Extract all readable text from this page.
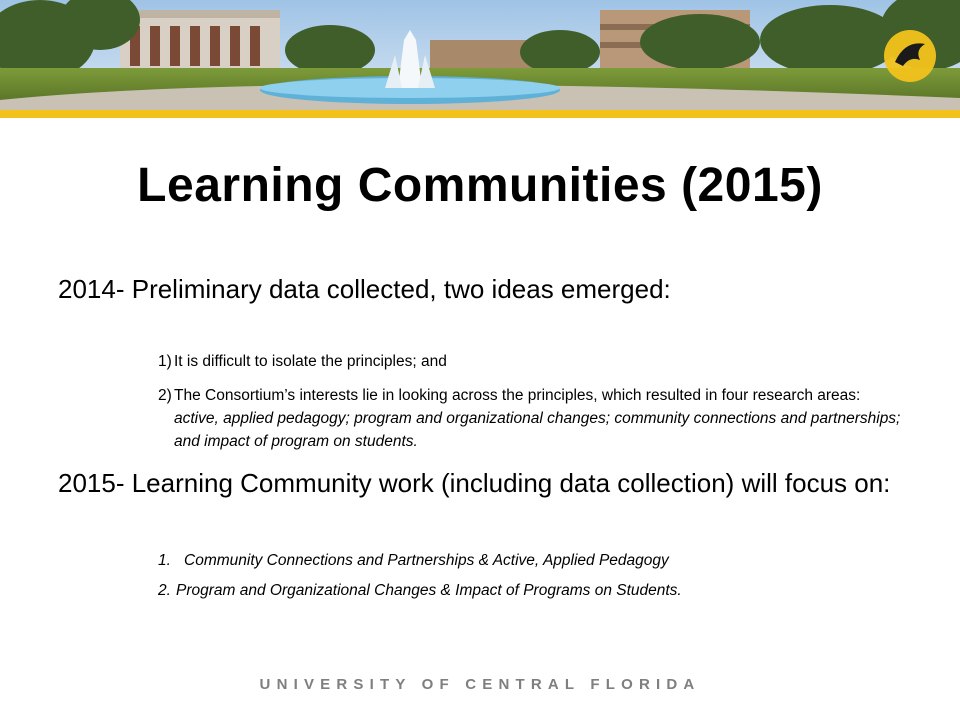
Learning Communities (2015)
2014- Preliminary data collected, two ideas emerged:
1) It is difficult to isolate the principles; and
2) The Consortium’s interests lie in looking across the principles, which resulted in four research areas: active, applied pedagogy; program and organizational changes; community connections and partnerships; and impact of program on students.
2015- Learning Community work (including data collection) will focus on:
1. Community Connections and Partnerships & Active, Applied Pedagogy
2. Program and Organizational Changes & Impact of Programs on Students.
UNIVERSITY OF CENTRAL FLORIDA
